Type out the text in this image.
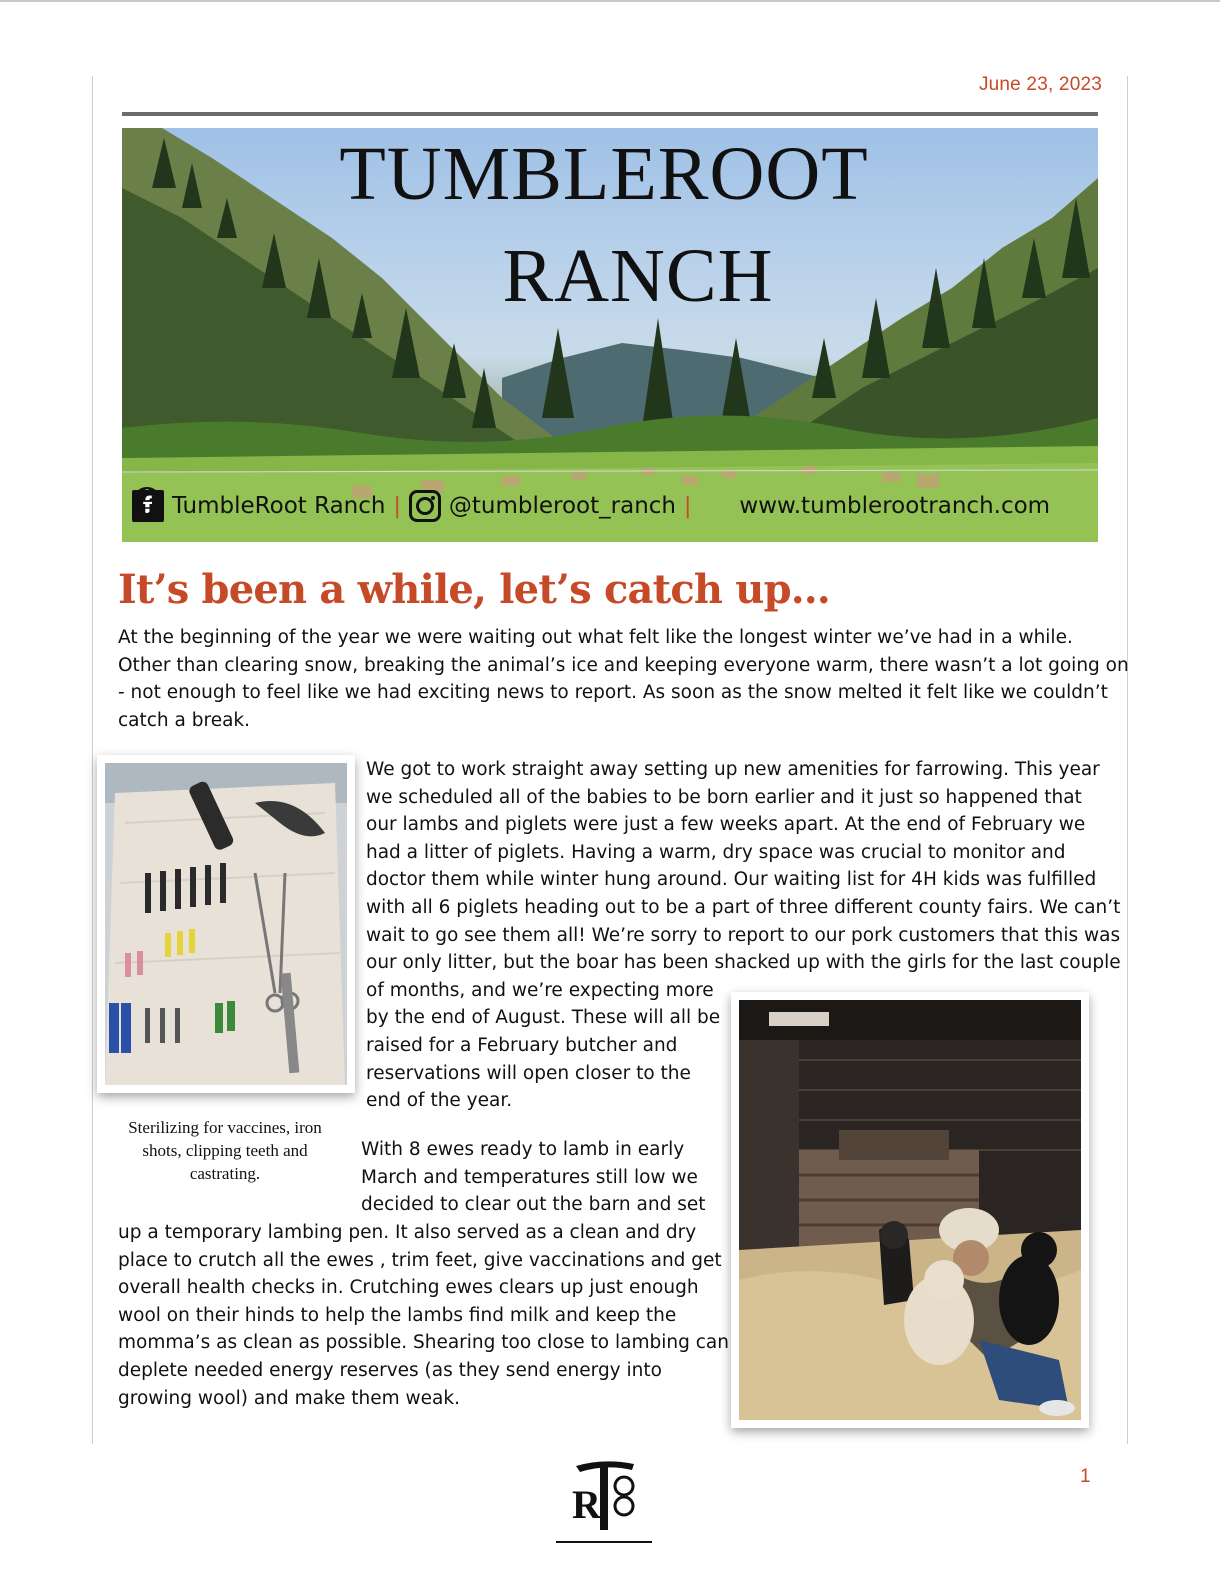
June 23, 2023
TUMBLEROOT
RANCH
f TumbleRoot Ranch | @tumbleroot_ranch | www.tumblerootranch.com
It’s been a while, let’s catch up…
At the beginning of the year we were waiting out what felt like the longest winter we’ve had in a while.
Other than clearing snow, breaking the animal’s ice and keeping everyone warm, there wasn’t a lot going on
- not enough to feel like we had exciting news to report. As soon as the snow melted it felt like we couldn’t
catch a break.
Sterilizing for vaccines, iron
shots, clipping teeth and
castrating.
We got to work straight away setting up new amenities for farrowing. This year
we scheduled all of the babies to be born earlier and it just so happened that
our lambs and piglets were just a few weeks apart. At the end of February we
had a litter of piglets. Having a warm, dry space was crucial to monitor and
doctor them while winter hung around. Our waiting list for 4H kids was fulfilled
with all 6 piglets heading out to be a part of three different county fairs. We can’t
wait to go see them all! We’re sorry to report to our pork customers that this was
our only litter, but the boar has been shacked up with the girls for the last couple
of months, and we’re expecting more
by the end of August. These will all be
raised for a February butcher and
reservations will open closer to the
end of the year.
With 8 ewes ready to lamb in early
March and temperatures still low we
decided to clear out the barn and set
up a temporary lambing pen. It also served as a clean and dry
place to crutch all the ewes , trim feet, give vaccinations and get
overall health checks in. Crutching ewes clears up just enough
wool on their hinds to help the lambs find milk and keep the
momma’s as clean as possible. Shearing too close to lambing can
deplete needed energy reserves (as they send energy into
growing wool) and make them weak.
R
1
